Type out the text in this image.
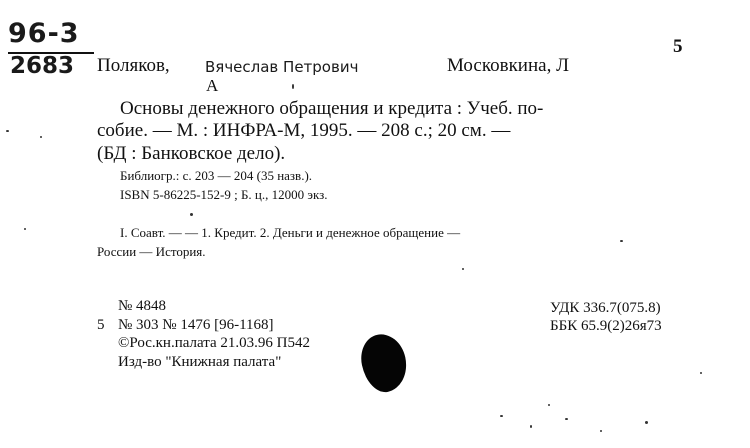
96-3
2683
5
Поляков, Вячеслав Петрович	Московкина, Л
А
Основы денежного обращения и кредита : Учеб. по-
собие. — М. : ИНФРА-М, 1995. — 208 с.; 20 см. —
(БД : Банковское дело).
Библиогр.: с. 203 — 204 (35 назв.).
ISBN 5-86225-152-9 ; Б. ц., 12000 экз.
I. Соавт. — — 1. Кредит. 2. Деньги и денежное обращение —
России — История.
№ 4848
5 № 303 № 1476 [96-1168]
©Рос.кн.палата 21.03.96 П542
Изд-во "Книжная палата"
УДК 336.7(075.8)
ББК 65.9(2)26я73
